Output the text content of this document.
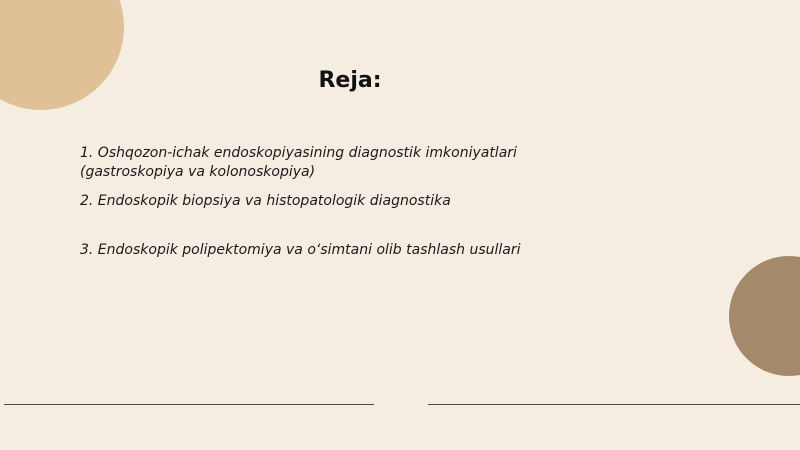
Reja:
1. Oshqozon-ichak endoskopiyasining diagnostik imkoniyatlari
(gastroskopiya va kolonoskopiya)
2. Endoskopik biopsiya va histopatologik diagnostika
3. Endoskopik polipektomiya va o‘simtani olib tashlash usullari
